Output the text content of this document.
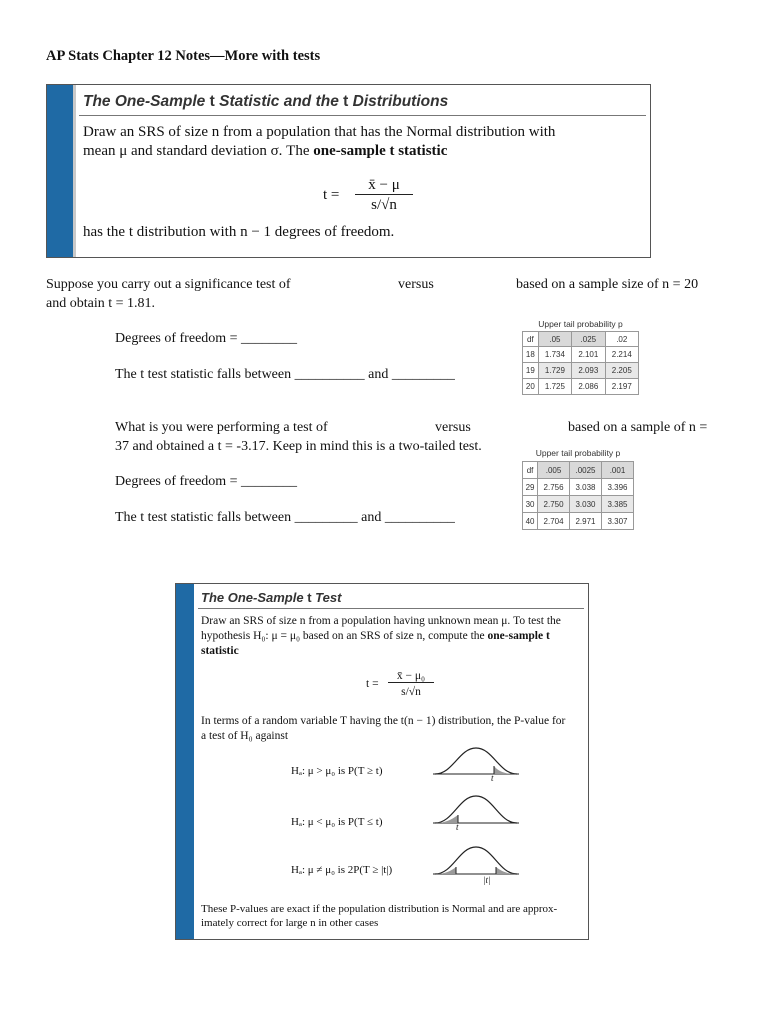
AP Stats Chapter 12 Notes—More with tests
The One-Sample t Statistic and the t Distributions
Draw an SRS of size n from a population that has the Normal distribution with
mean μ and standard deviation σ. The one-sample t statistic
t =
x̄ − μ
s/√n
has the t distribution with n − 1 degrees of freedom.
Suppose you carry out a significance test of	versus	based on a sample size of n = 20
and obtain t = 1.81.
Degrees of freedom = ________
The t test statistic falls between __________ and _________
Upper tail probability p			
df	.05	.025	.02
18	1.734	2.101	2.214
19	1.729	2.093	2.205
20	1.725	2.086	2.197
What is you were performing a test of	versus	based on a sample of n =
37 and obtained a t = -3.17. Keep in mind this is a two-tailed test.
Degrees of freedom = ________
The t test statistic falls between _________ and __________
Upper tail probability p			
df	.005	.0025	.001
29	2.756	3.038	3.396
30	2.750	3.030	3.385
40	2.704	2.971	3.307
The One-Sample t Test
Draw an SRS of size n from a population having unknown mean μ. To test the
hypothesis H₀: μ = μ₀ based on an SRS of size n, compute the one-sample t
statistic
t =
x̄ − μ₀
s/√n
In terms of a random variable T having the t(n − 1) distribution, the P-value for
a test of H₀ against
Hₐ: μ > μ₀ is P(T ≥ t)
Hₐ: μ < μ₀ is P(T ≤ t)
Hₐ: μ ≠ μ₀ is 2P(T ≥ |t|)
t
t
|t|
These P-values are exact if the population distribution is Normal and are approx-
imately correct for large n in other cases
